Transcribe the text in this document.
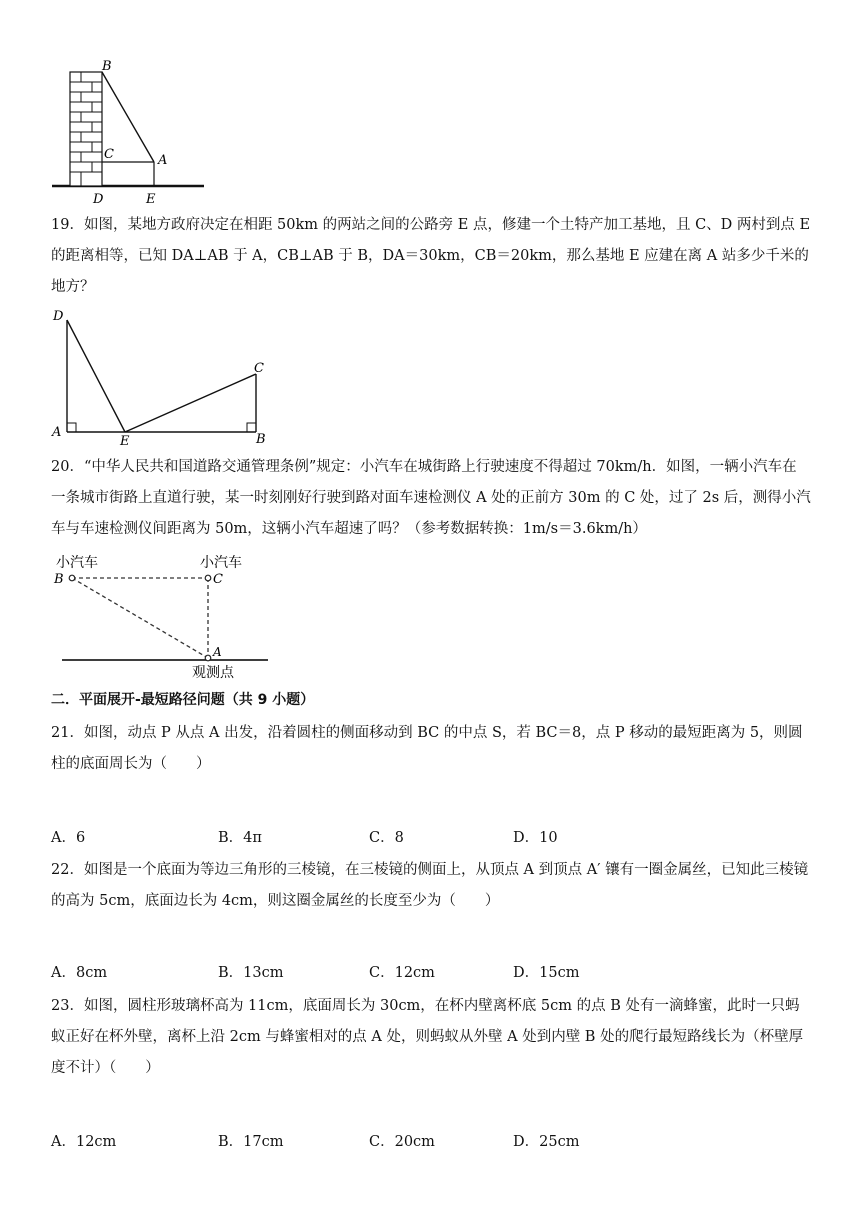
B
C	A
D	E
19．如图，某地方政府决定在相距 50km 的两站之间的公路旁 E 点，修建一个土特产加工基地，且 C、D 两村到点 E 的距离相等，已知 DA⊥AB 于 A，CB⊥AB 于 B，DA＝30km，CB＝20km，那么基地 E 应建在离 A 站多少千米的地方？
D
C
A
E	B
20．“中华人民共和国道路交通管理条例”规定：小汽车在城街路上行驶速度不得超过 70km/h．如图，一辆小汽车在一条城市街路上直道行驶，某一时刻刚好行驶到路对面车速检测仪 A 处的正前方 30m 的 C 处，过了 2s 后，测得小汽车与车速检测仪间距离为 50m，这辆小汽车超速了吗？（参考数据转换：1m/s＝3.6km/h）
小汽车	小汽车
B	C
A
观测点
二．平面展开-最短路径问题（共 9 小题）
21．如图，动点 P 从点 A 出发，沿着圆柱的侧面移动到 BC 的中点 S，若 BC＝8，点 P 移动的最短距离为 5，则圆柱的底面周长为（　　）
A．6	B．4π	C．8	D．10
22．如图是一个底面为等边三角形的三棱镜，在三棱镜的侧面上，从顶点 A 到顶点 A′ 镶有一圈金属丝，已知此三棱镜的高为 5cm，底面边长为 4cm，则这圈金属丝的长度至少为（　　）
A．8cm	B．13cm	C．12cm	D．15cm
23．如图，圆柱形玻璃杯高为 11cm，底面周长为 30cm，在杯内壁离杯底 5cm 的点 B 处有一滴蜂蜜，此时一只蚂蚁正好在杯外壁，离杯上沿 2cm 与蜂蜜相对的点 A 处，则蚂蚁从外壁 A 处到内壁 B 处的爬行最短路线长为（杯壁厚度不计）（　　）
A．12cm	B．17cm	C．20cm	D．25cm
